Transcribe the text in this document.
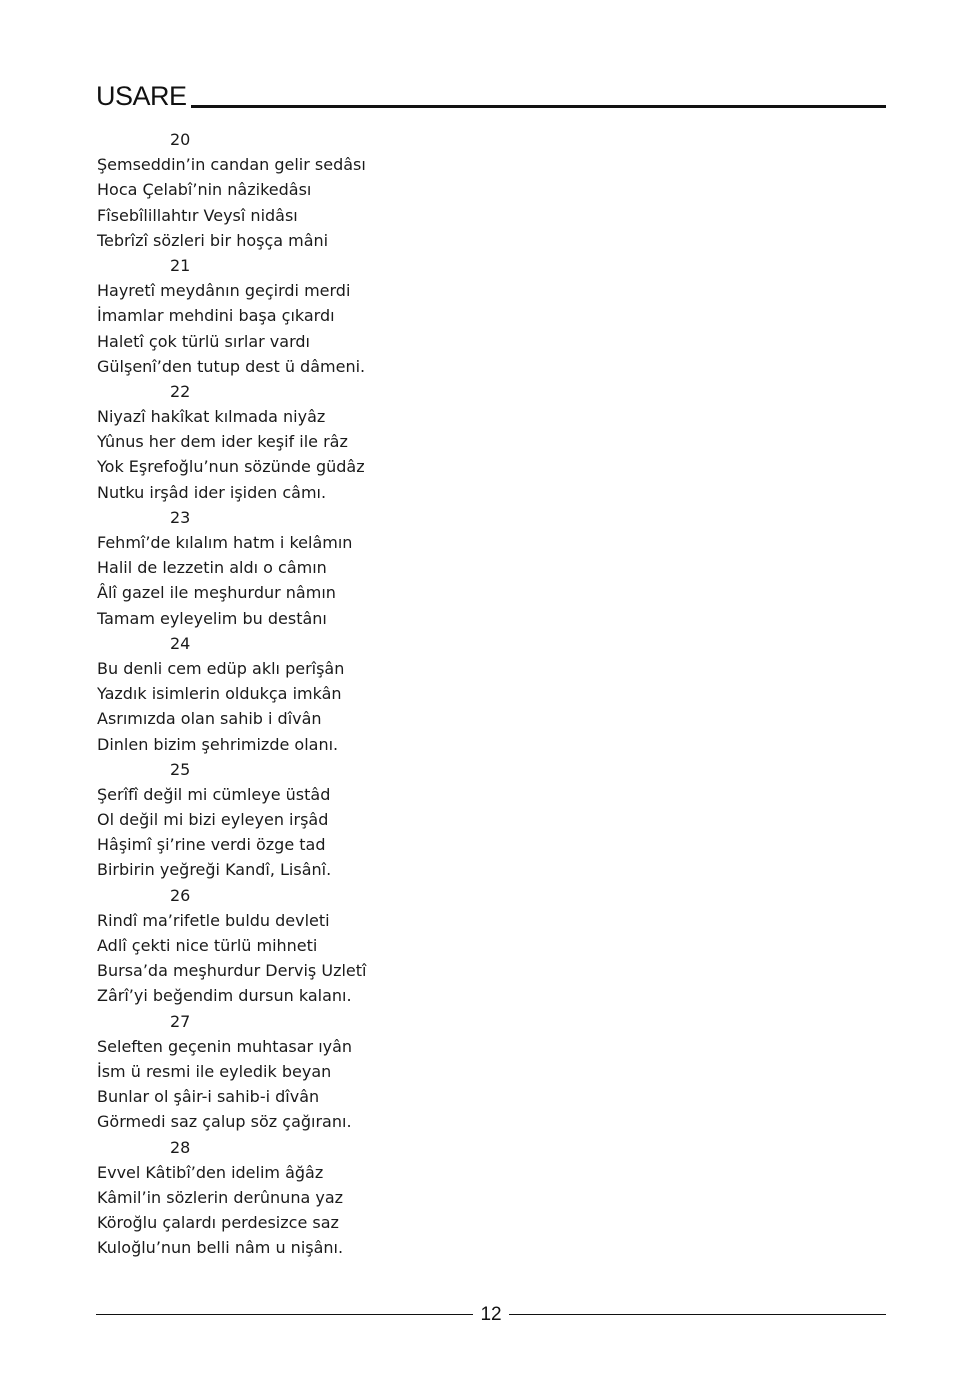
USARE
20
Şemseddin’in candan gelir sedâsı
Hoca Çelabî’nin nâzikedâsı
Fîsebîlillahtır Veysî nidâsı
Tebrîzî sözleri bir hoşça mâni
21
Hayretî meydânın geçirdi merdi
İmamlar mehdini başa çıkardı
Haletî çok türlü sırlar vardı
Gülşenî’den tutup dest ü dâmeni.
22
Niyazî hakîkat kılmada niyâz
Yûnus her dem ider keşif ile râz
Yok Eşrefoğlu’nun sözünde güdâz
Nutku irşâd ider işiden câmı.
23
Fehmî’de kılalım hatm i kelâmın
Halil de lezzetin aldı o câmın
Âlî gazel ile meşhurdur nâmın
Tamam eyleyelim bu destânı
24
Bu denli cem edüp aklı perîşân
Yazdık isimlerin oldukça imkân
Asrımızda olan sahib i dîvân
Dinlen bizim şehrimizde olanı.
25
Şerîfî değil mi cümleye üstâd
Ol değil mi bizi eyleyen irşâd
Hâşimî şi’rine verdi özge tad
Birbirin yeğreği Kandî, Lisânî.
26
Rindî ma’rifetle buldu devleti
Adlî çekti nice türlü mihneti
Bursa’da meşhurdur Derviş Uzletî
Zârî’yi beğendim dursun kalanı.
27
Seleften geçenin muhtasar ıyân
İsm ü resmi ile eyledik beyan
Bunlar ol şâir-i sahib-i dîvân
Görmedi saz çalup söz çağıranı.
28
Evvel Kâtibî’den idelim âğâz
Kâmil’in sözlerin derûnuna yaz
Köroğlu çalardı perdesizce saz
Kuloğlu’nun belli nâm u nişânı.
12
